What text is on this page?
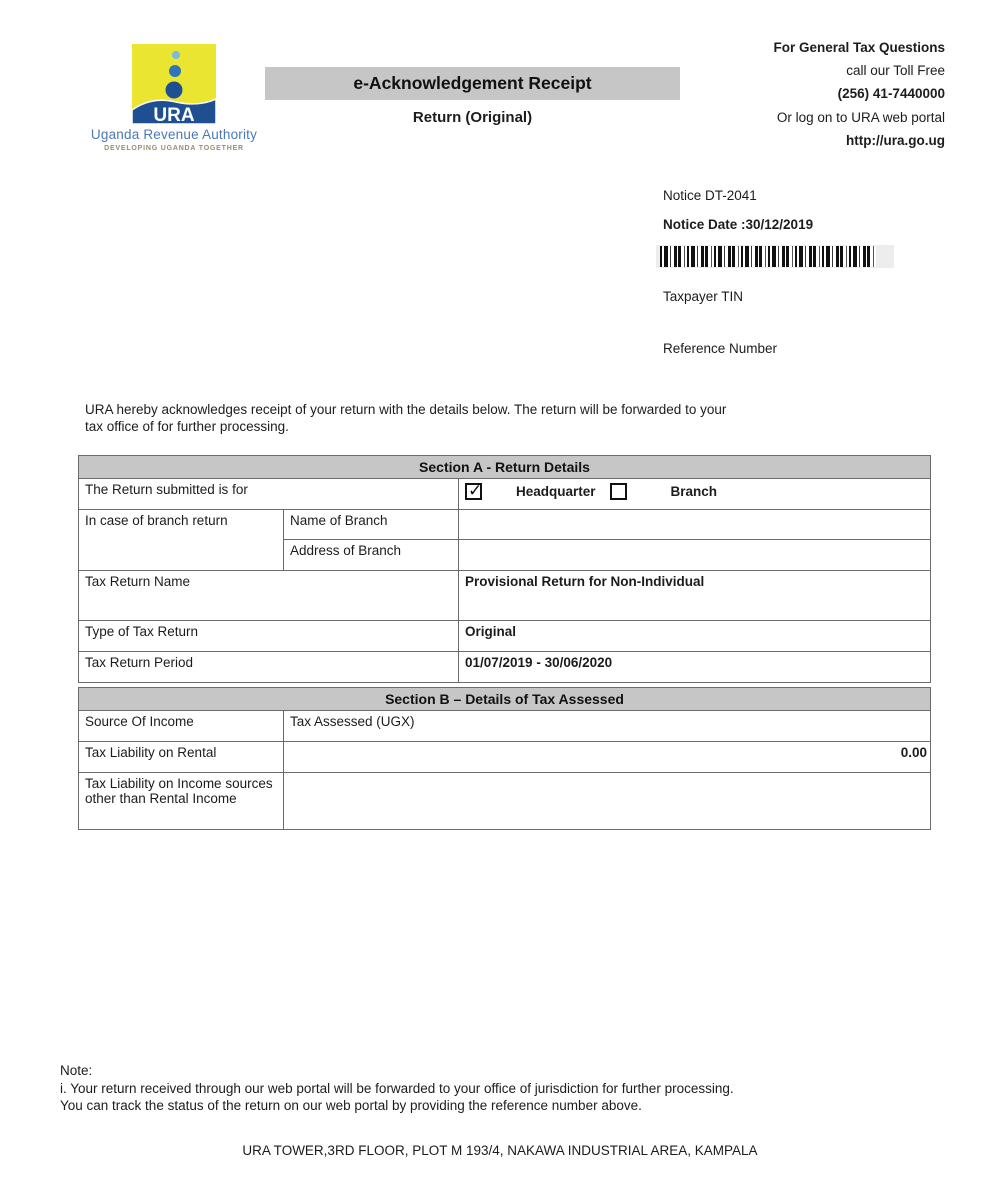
URA
Uganda Revenue Authority
DEVELOPING UGANDA TOGETHER
e-Acknowledgement Receipt
Return (Original)
For General Tax Questions
call our Toll Free
(256) 41-7440000
Or log on to URA web portal
http://ura.go.ug
Notice DT-2041
Notice Date :30/12/2019
Taxpayer TIN
Reference Number
URA hereby acknowledges receipt of your return with the details below. The return will be forwarded to your
tax office of for further processing.
Section A - Return Details		
The Return submitted is for		✓ Headquarter Branch

In case of branch return	Name of Branch	
	Address of Branch	
Tax Return Name		Provisional Return for Non-Individual
Type of Tax Return		Original
Tax Return Period		01/07/2019 - 30/06/2020
Section B – Details of Tax Assessed	
Source Of Income	Tax Assessed (UGX)
Tax Liability on Rental	0.00
Tax Liability on Income sources other than Rental Income	
Note:
i. Your return received through our web portal will be forwarded to your office of jurisdiction for further processing.
You can track the status of the return on our web portal by providing the reference number above.
URA TOWER,3RD FLOOR, PLOT M 193/4, NAKAWA INDUSTRIAL AREA, KAMPALA
